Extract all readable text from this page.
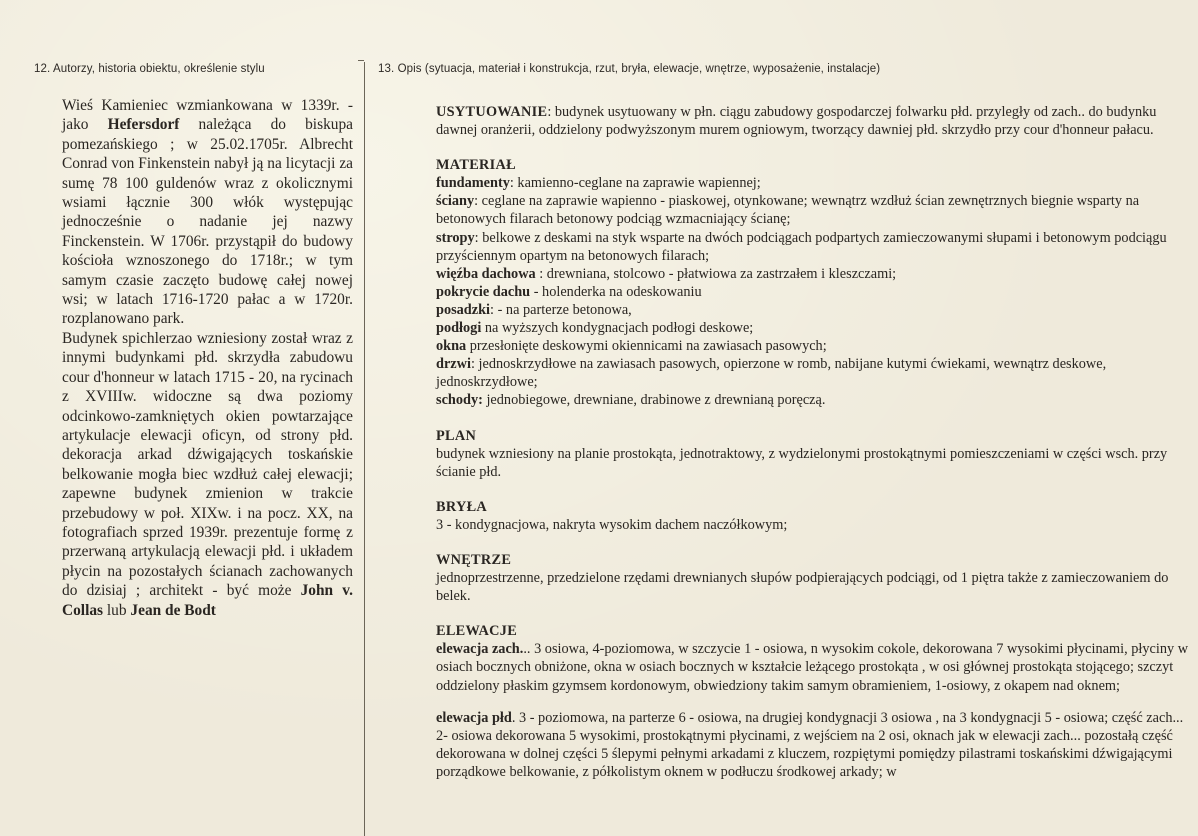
12. Autorzy, historia obiektu, określenie stylu	13. Opis (sytuacja, materiał i konstrukcja, rzut, bryła, elewacje, wnętrze, wyposażenie, instalacje)

Wieś Kamieniec wzmiankowana w 1339r. - jako Hefersdorf należąca do biskupa pomezańskiego ; w 25.02.1705r. Albrecht Conrad von Finkenstein nabył ją na licytacji za sumę 78 100 guldenów wraz z okolicznymi wsiami łącznie 300 włók występując jednocześnie o nadanie jej nazwy Finckenstein. W 1706r. przystąpił do budowy kościoła wznoszonego do 1718r.; w tym samym czasie zaczęto budowę całej nowej wsi; w latach 1716-1720 pałac a w 1720r. rozplanowano park.

Budynek spichlerzao wzniesiony został wraz z innymi budynkami płd. skrzydła zabudowu cour d'honneur w latach 1715 - 20, na rycinach z XVIIIw. widoczne są dwa poziomy odcinkowo-zamkniętych okien powtarzające artykulacje elewacji oficyn, od strony płd. dekoracja arkad dźwigających toskańskie belkowanie mogła biec wzdłuż całej elewacji; zapewne budynek zmienion w trakcie przebudowy w poł. XIXw. i na pocz. XX, na fotografiach sprzed 1939r. prezentuje formę z przerwaną artykulacją elewacji płd. i układem płycin na pozostałych ścianach zachowanych do dzisiaj ; architekt - być może John v. Collas lub Jean de Bodt

USYTUOWANIE: budynek usytuowany w płn. ciągu zabudowy gospodarczej folwarku płd. przyległy od zach.. do budynku dawnej oranżerii, oddzielony podwyższonym murem ogniowym, tworzący dawniej płd. skrzydło przy cour d'honneur pałacu.

MATERIAŁ

fundamenty: kamienno-ceglane na zaprawie wapiennej;

ściany: ceglane na zaprawie wapienno - piaskowej, otynkowane; wewnątrz wzdłuż ścian zewnętrznych biegnie wsparty na betonowych filarach betonowy podciąg wzmacniający ścianę;

stropy: belkowe z deskami na styk wsparte na dwóch podciągach podpartych zamieczowanymi słupami i betonowym podciągu przyściennym opartym na betonowych filarach;

więźba dachowa : drewniana, stolcowo - płatwiowa za zastrzałem i kleszczami;

pokrycie dachu - holenderka na odeskowaniu

posadzki: - na parterze betonowa,

podłogi na wyższych kondygnacjach podłogi deskowe;

okna przesłonięte deskowymi okiennicami na zawiasach pasowych;

drzwi: jednoskrzydłowe na zawiasach pasowych, opierzone w romb, nabijane kutymi ćwiekami, wewnątrz deskowe, jednoskrzydłowe;

schody: jednobiegowe, drewniane, drabinowe z drewnianą poręczą.

PLAN

budynek wzniesiony na planie prostokąta, jednotraktowy, z wydzielonymi prostokątnymi pomieszczeniami w części wsch. przy ścianie płd.

BRYŁA

3 - kondygnacjowa, nakryta wysokim dachem naczółkowym;

WNĘTRZE

jednoprzestrzenne, przedzielone rzędami drewnianych słupów podpierających podciągi, od 1 piętra także z zamieczowaniem do belek.

ELEWACJE

elewacja zach... 3 osiowa, 4-poziomowa, w szczycie 1 - osiowa, n wysokim cokole, dekorowana 7 wysokimi płycinami, płyciny w osiach bocznych obniżone, okna w osiach bocznych w kształcie leżącego prostokąta , w osi głównej prostokąta stojącego; szczyt oddzielony płaskim gzymsem kordonowym, obwiedziony takim samym obramieniem, 1-osiowy, z okapem nad oknem;

elewacja płd. 3 - poziomowa, na parterze 6 - osiowa, na drugiej kondygnacji 3 osiowa , na 3 kondygnacji 5 - osiowa; część zach... 2- osiowa dekorowana 5 wysokimi, prostokątnymi płycinami, z wejściem na 2 osi, oknach jak w elewacji zach... pozostałą część dekorowana w dolnej części 5 ślepymi pełnymi arkadami z kluczem, rozpiętymi pomiędzy pilastrami toskańskimi dźwigającymi porządkowe belkowanie, z półkolistym oknem w podłuczu środkowej arkady; w
